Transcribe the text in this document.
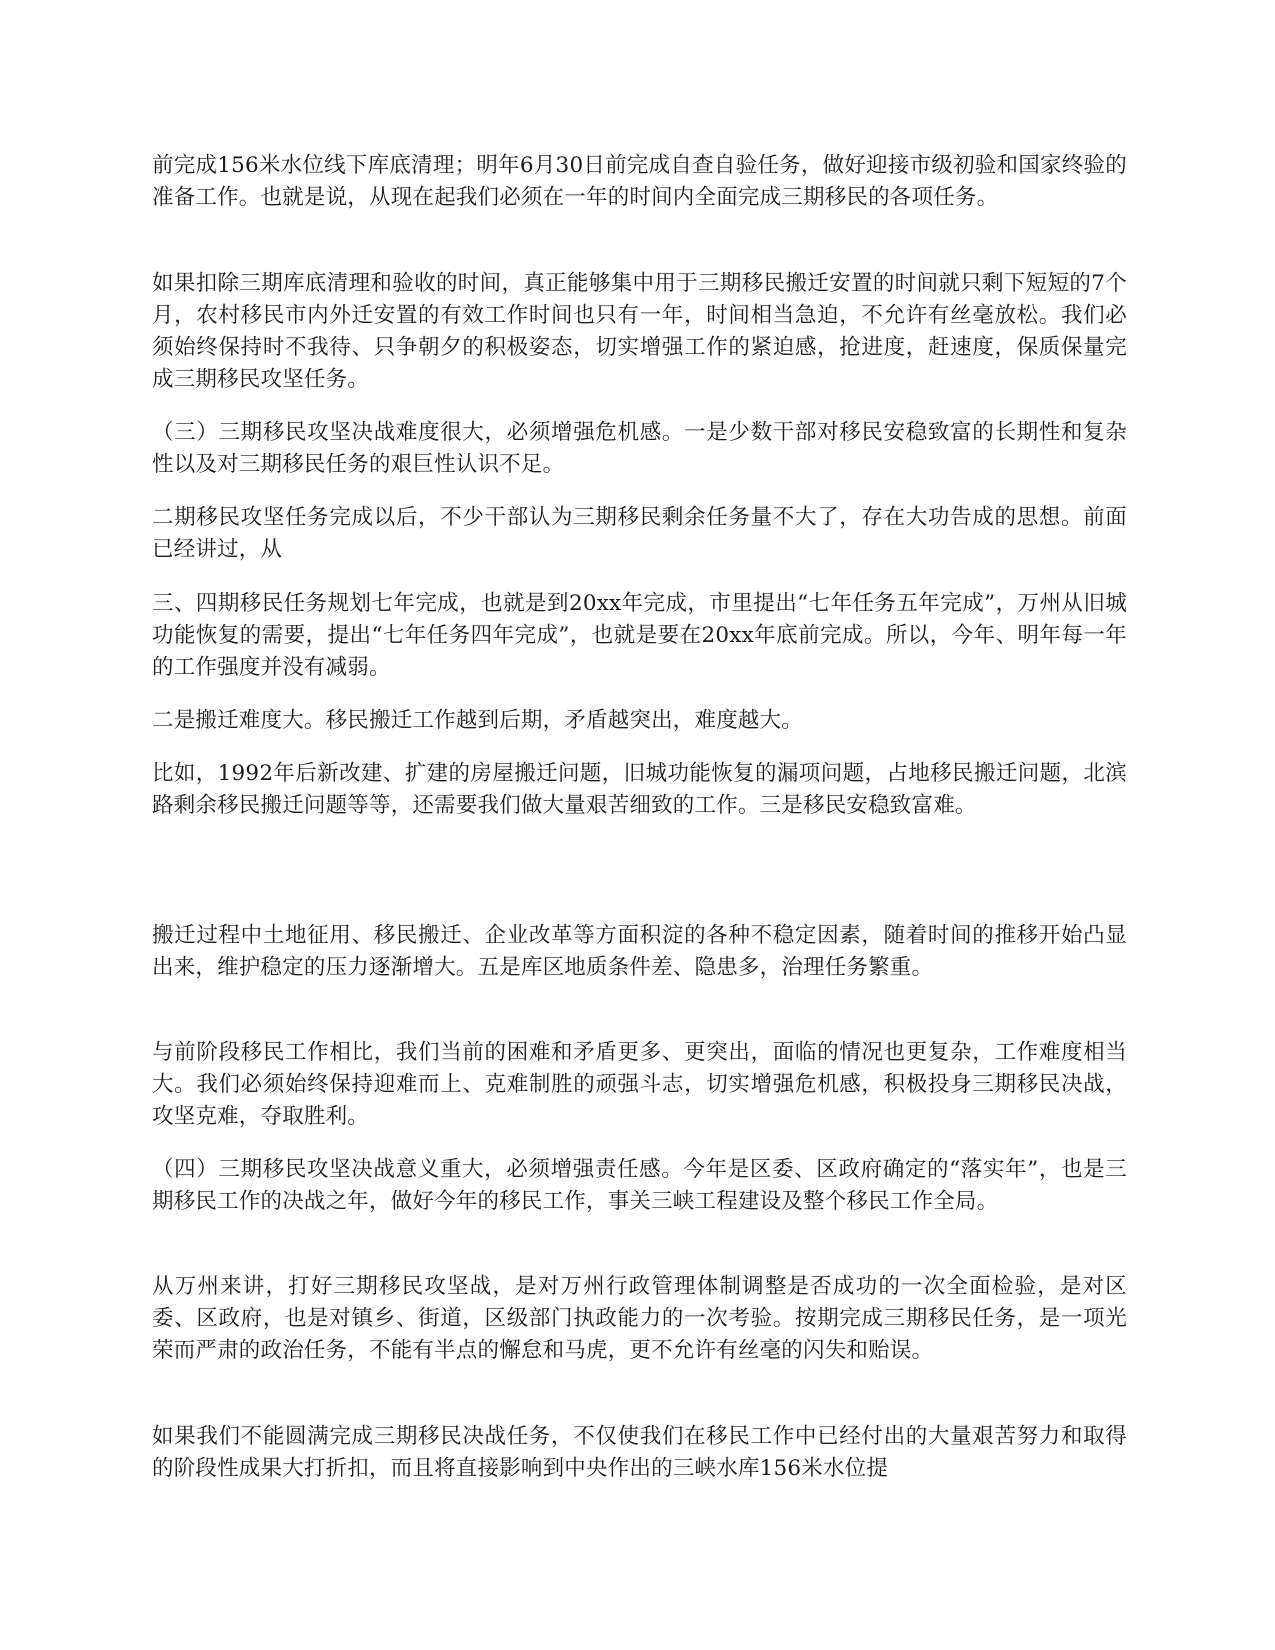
前完成156米水位线下库底清理；明年6月30日前完成自查自验任务，做好迎接市级初验和国家终验的准备工作。也就是说，从现在起我们必须在一年的时间内全面完成三期移民的各项任务。

如果扣除三期库底清理和验收的时间，真正能够集中用于三期移民搬迁安置的时间就只剩下短短的7个月，农村移民市内外迁安置的有效工作时间也只有一年，时间相当急迫，不允许有丝毫放松。我们必须始终保持时不我待、只争朝夕的积极姿态，切实增强工作的紧迫感，抢进度，赶速度，保质保量完成三期移民攻坚任务。

（三）三期移民攻坚决战难度很大，必须增强危机感。一是少数干部对移民安稳致富的长期性和复杂性以及对三期移民任务的艰巨性认识不足。

二期移民攻坚任务完成以后，不少干部认为三期移民剩余任务量不大了，存在大功告成的思想。前面已经讲过，从

三、四期移民任务规划七年完成，也就是到20xx年完成，市里提出“七年任务五年完成”，万州从旧城功能恢复的需要，提出“七年任务四年完成”，也就是要在20xx年底前完成。所以，今年、明年每一年的工作强度并没有减弱。

二是搬迁难度大。移民搬迁工作越到后期，矛盾越突出，难度越大。

比如，1992年后新改建、扩建的房屋搬迁问题，旧城功能恢复的漏项问题，占地移民搬迁问题，北滨路剩余移民搬迁问题等等，还需要我们做大量艰苦细致的工作。三是移民安稳致富难。

搬迁过程中土地征用、移民搬迁、企业改革等方面积淀的各种不稳定因素，随着时间的推移开始凸显出来，维护稳定的压力逐渐增大。五是库区地质条件差、隐患多，治理任务繁重。

与前阶段移民工作相比，我们当前的困难和矛盾更多、更突出，面临的情况也更复杂，工作难度相当大。我们必须始终保持迎难而上、克难制胜的顽强斗志，切实增强危机感，积极投身三期移民决战，攻坚克难，夺取胜利。

（四）三期移民攻坚决战意义重大，必须增强责任感。今年是区委、区政府确定的“落实年”，也是三期移民工作的决战之年，做好今年的移民工作，事关三峡工程建设及整个移民工作全局。

从万州来讲，打好三期移民攻坚战，是对万州行政管理体制调整是否成功的一次全面检验，是对区委、区政府，也是对镇乡、街道，区级部门执政能力的一次考验。按期完成三期移民任务，是一项光荣而严肃的政治任务，不能有半点的懈怠和马虎，更不允许有丝毫的闪失和贻误。

如果我们不能圆满完成三期移民决战任务，不仅使我们在移民工作中已经付出的大量艰苦努力和取得的阶段性成果大打折扣，而且将直接影响到中央作出的三峡水库156米水位提
